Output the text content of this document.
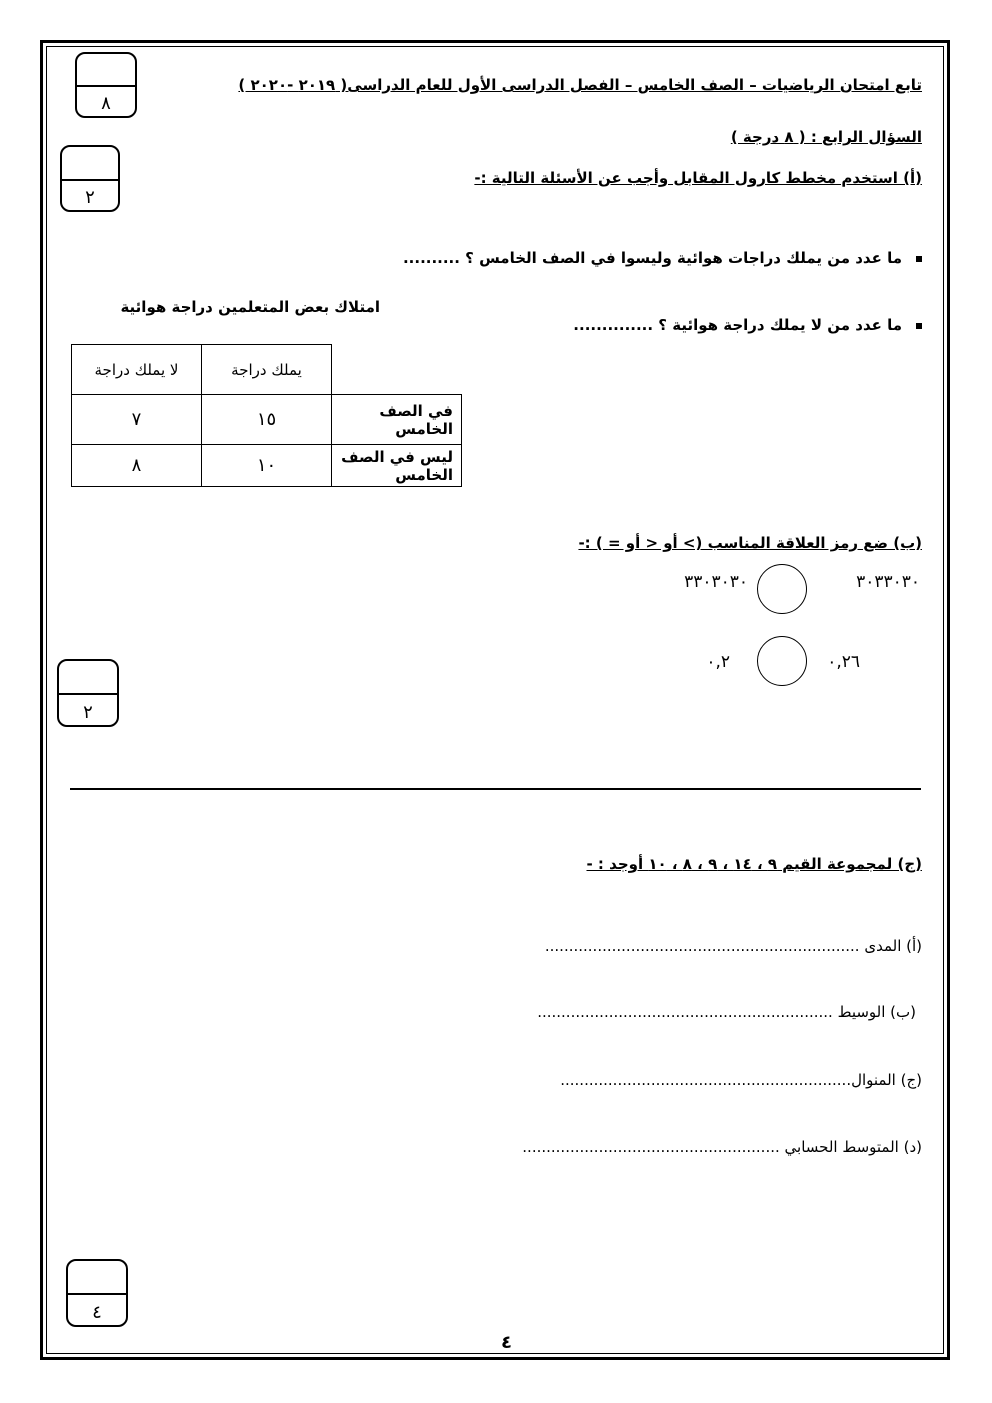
تابع امتحان الرياضيات – الصف الخامس – الفصل الدراسى الأول للعام الدراسى( ٢٠١٩ -٢٠٢٠ )
٨
٢
٢
٤
السؤال الرابع : ( ٨ درجة )
(أ) استخدم مخطط كارول المقابل وأجب عن الأسئلة التالية :-
ما عدد من يملك دراجات هوائية وليسوا في الصف الخامس ؟ ..........
ما عدد من لا يملك دراجة هوائية ؟ ..............
امتلاك بعض المتعلمين دراجة هوائية
	يملك دراجة	لا يملك دراجة
في الصف الخامس	١٥	٧
ليس في الصف الخامس	١٠	٨
(ب) ضع رمز العلاقة المناسب (> أو < أو = ) :-
٣٠٣٣٠٣٠
٣٣٠٣٠٣٠
٠,٢٦
٠,٢
(ج) لمجموعة القيم ٩ ، ١٤ ، ٩ ، ٨ ، ١٠ أوجد : -
(أ) المدى ..................................................................
(ب) الوسيط ..............................................................
(ج) المنوال.............................................................
(د) المتوسط الحسابي ......................................................
٤
